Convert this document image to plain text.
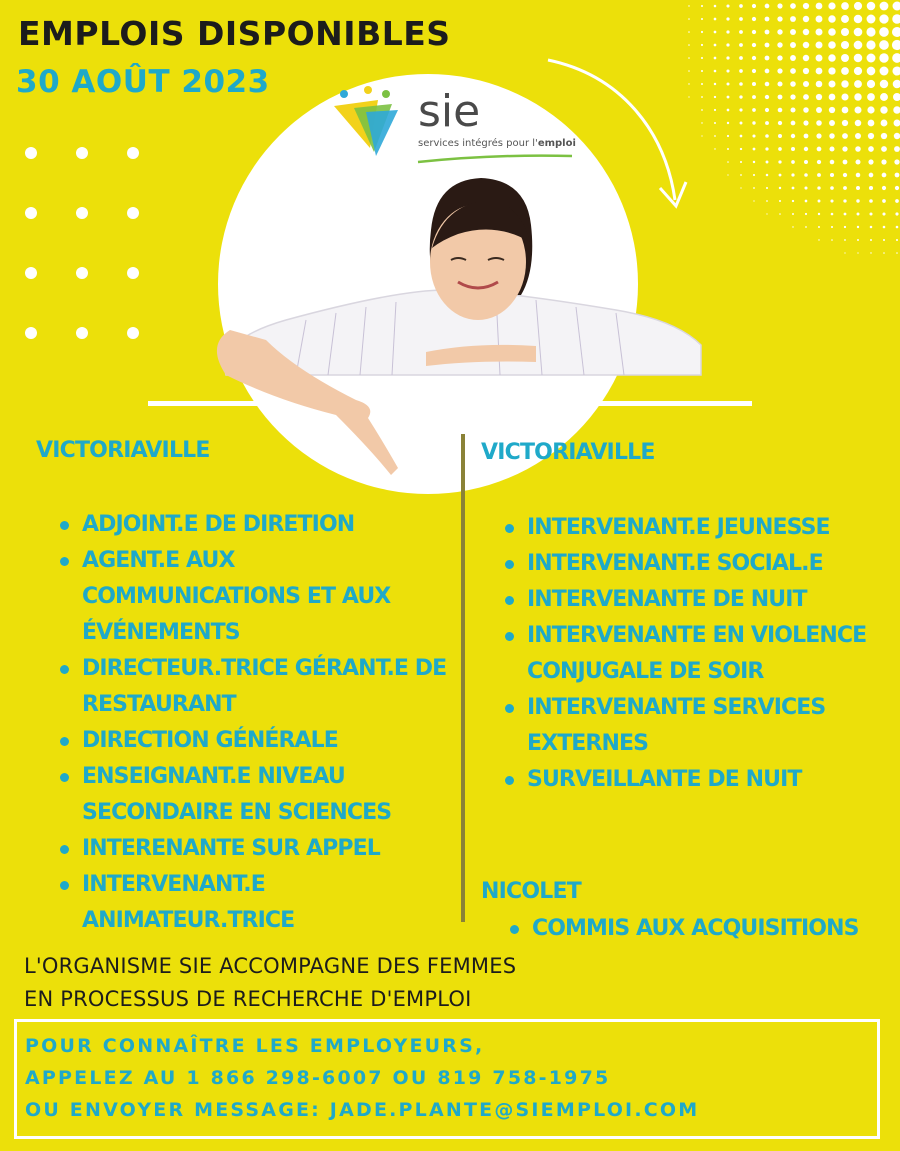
sie

services intégrés pour l'emploi

EMPLOIS DISPONIBLES
30 AOÛT 2023
VICTORIAVILLE
ADJOINT.E DE DIRETION
AGENT.E AUX COMMUNICATIONS ET AUX ÉVÉNEMENTS
DIRECTEUR.TRICE GÉRANT.E DE RESTAURANT
DIRECTION GÉNÉRALE
ENSEIGNANT.E NIVEAU SECONDAIRE EN SCIENCES
INTERENANTE SUR APPEL
INTERVENANT.E ANIMATEUR.TRICE
VICTORIAVILLE
INTERVENANT.E JEUNESSE
INTERVENANT.E SOCIAL.E
INTERVENANTE DE NUIT
INTERVENANTE EN VIOLENCE CONJUGALE DE SOIR
INTERVENANTE SERVICES EXTERNES
SURVEILLANTE DE NUIT
NICOLET
COMMIS AUX ACQUISITIONS
L'ORGANISME SIE ACCOMPAGNE DES FEMMES
EN PROCESSUS DE RECHERCHE D'EMPLOI

POUR CONNAÎTRE LES EMPLOYEURS,

APPELEZ AU 1 866 298-6007 OU 819 758-1975

OU ENVOYER MESSAGE: JADE.PLANTE@SIEMPLOI.COM
